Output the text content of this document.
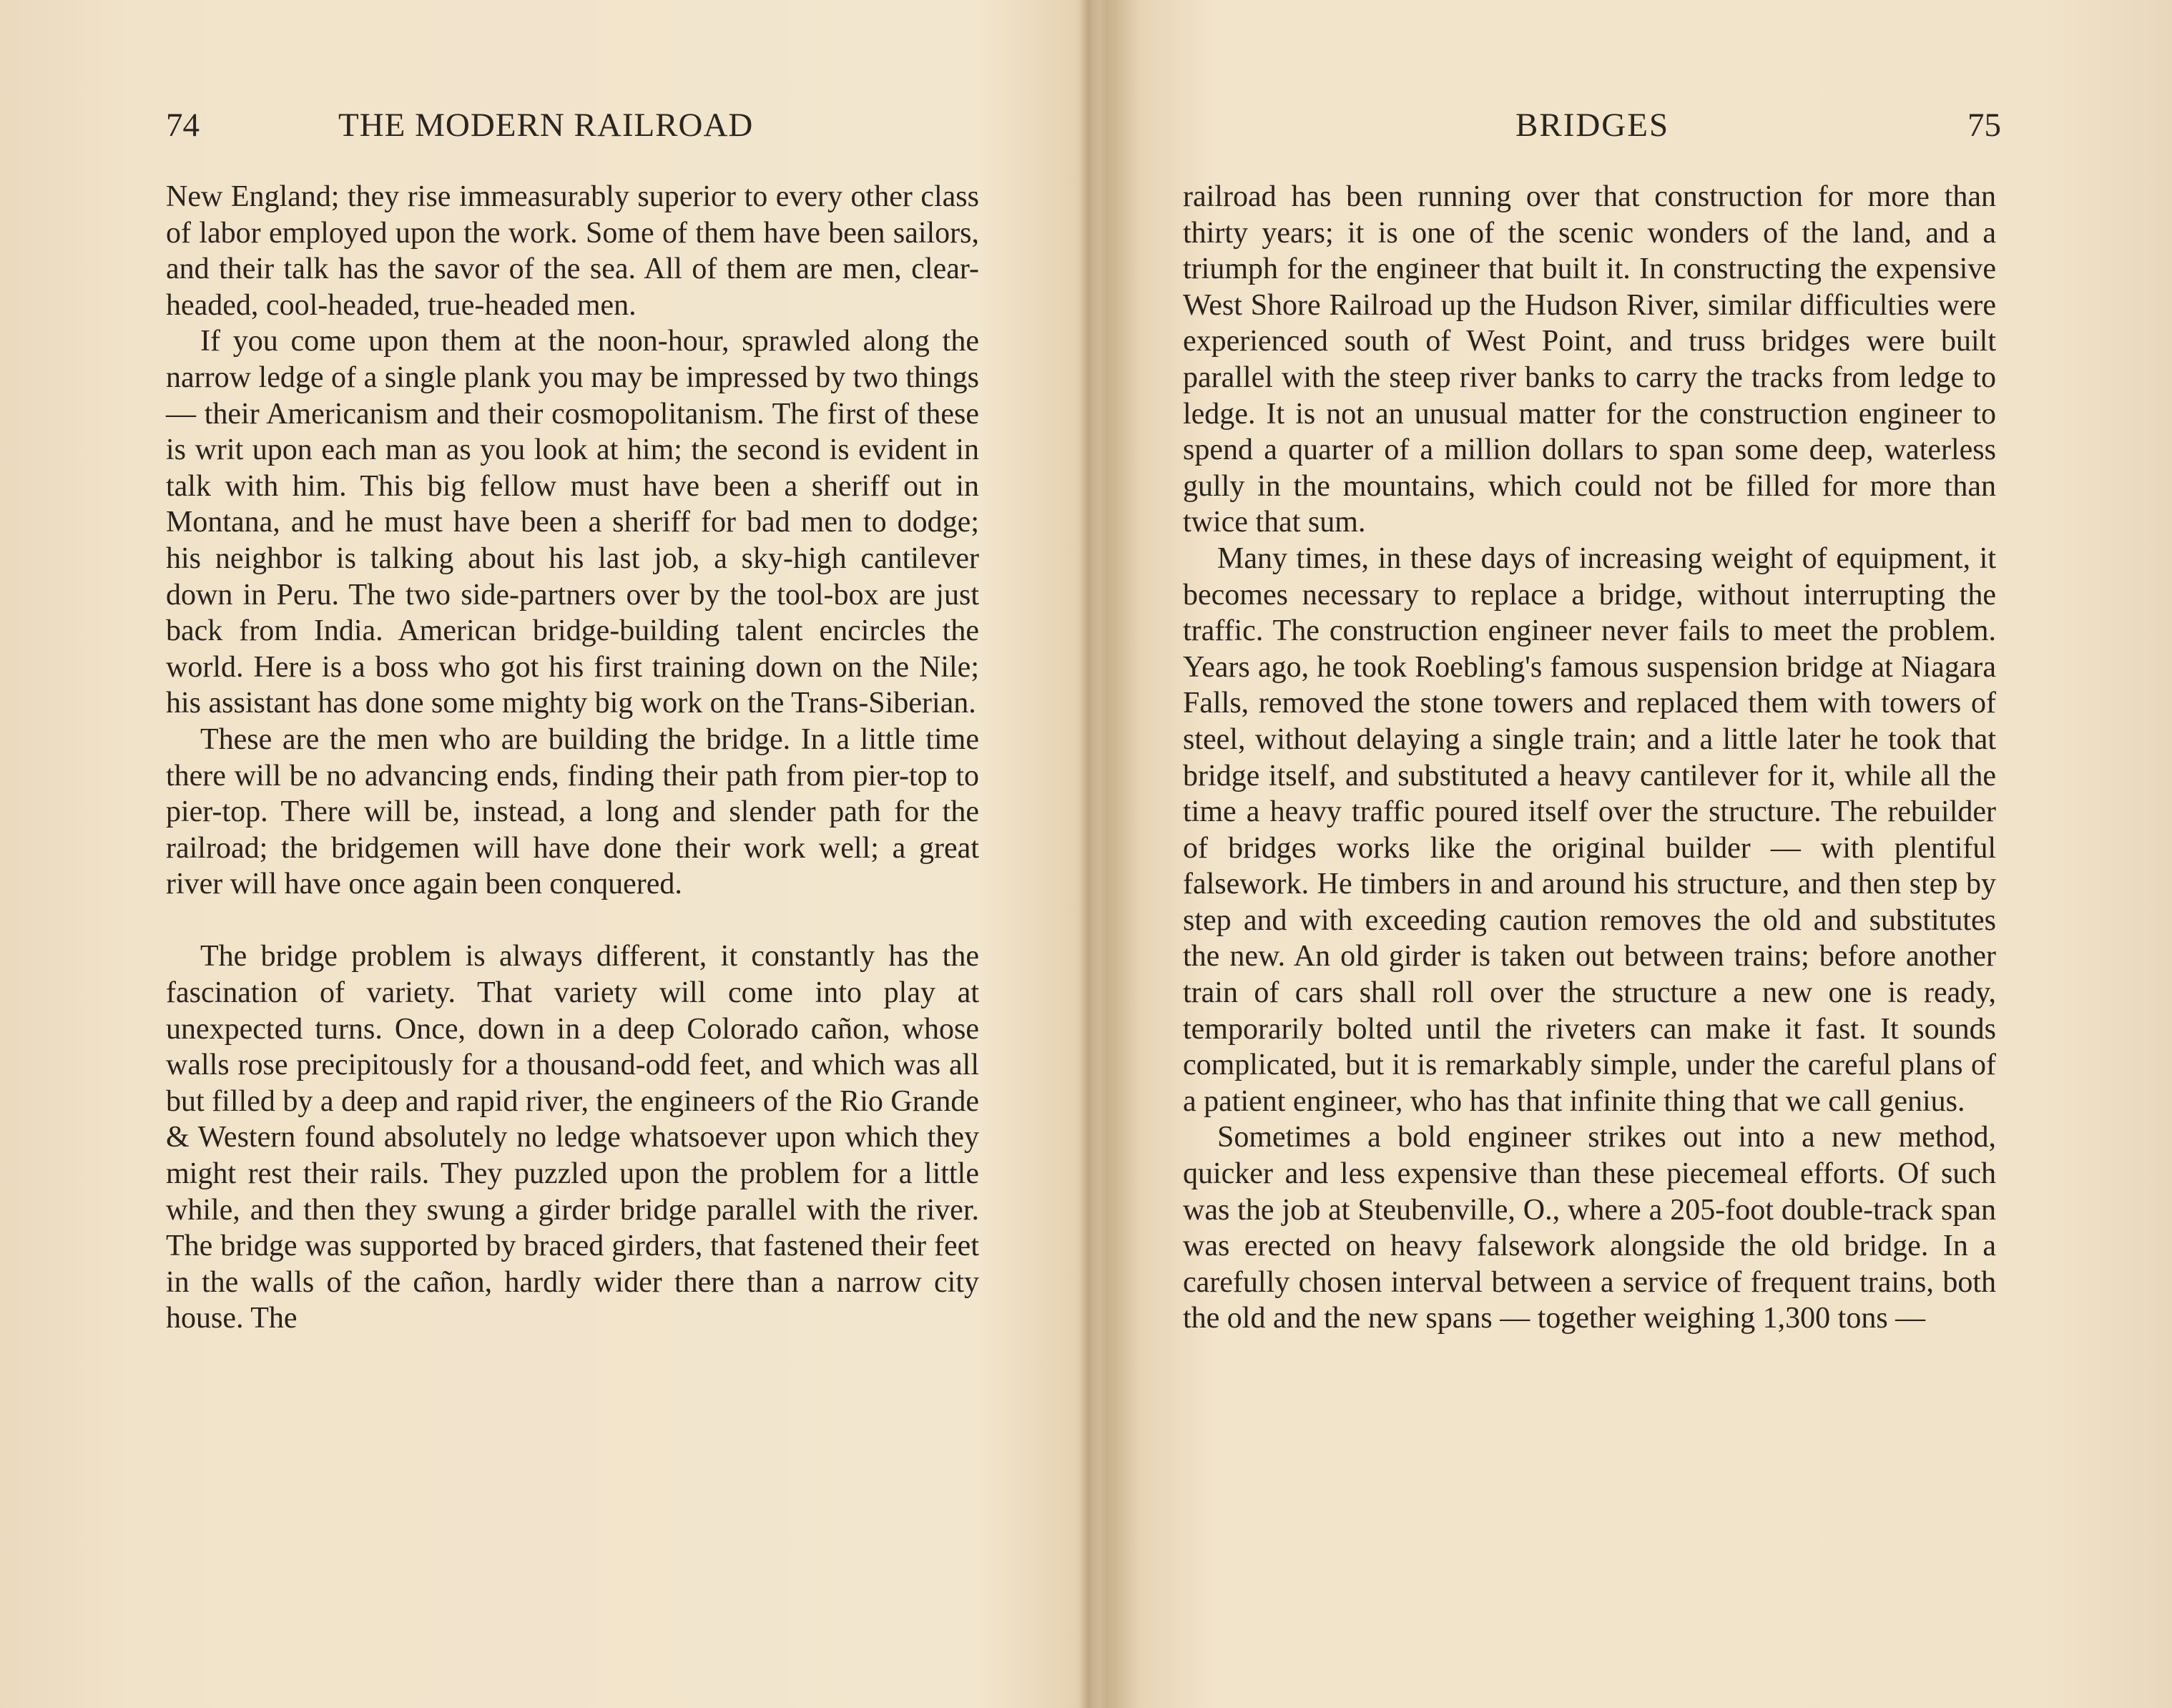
74	THE MODERN RAILROAD

New England; they rise immeasurably superior to every other class of labor employed upon the work. Some of them have been sailors, and their talk has the savor of the sea. All of them are men, clear-headed, cool-headed, true-headed men.

If you come upon them at the noon-hour, sprawled along the narrow ledge of a single plank you may be impressed by two things — their Americanism and their cosmopolitanism. The first of these is writ upon each man as you look at him; the second is evident in talk with him. This big fellow must have been a sheriff out in Montana, and he must have been a sheriff for bad men to dodge; his neighbor is talking about his last job, a sky-high cantilever down in Peru. The two side-partners over by the tool-box are just back from India. American bridge-building talent encircles the world. Here is a boss who got his first training down on the Nile; his assistant has done some mighty big work on the Trans-Siberian.

These are the men who are building the bridge. In a little time there will be no advancing ends, finding their path from pier-top to pier-top. There will be, instead, a long and slender path for the railroad; the bridgemen will have done their work well; a great river will have once again been conquered.

The bridge problem is always different, it constantly has the fascination of variety. That variety will come into play at unexpected turns. Once, down in a deep Colorado cañon, whose walls rose precipitously for a thousand-odd feet, and which was all but filled by a deep and rapid river, the engineers of the Rio Grande & Western found absolutely no ledge whatsoever upon which they might rest their rails. They puzzled upon the problem for a little while, and then they swung a girder bridge parallel with the river. The bridge was supported by braced girders, that fastened their feet in the walls of the cañon, hardly wider there than a narrow city house. The

BRIDGES	75

railroad has been running over that construction for more than thirty years; it is one of the scenic wonders of the land, and a triumph for the engineer that built it. In constructing the expensive West Shore Railroad up the Hudson River, similar difficulties were experienced south of West Point, and truss bridges were built parallel with the steep river banks to carry the tracks from ledge to ledge. It is not an unusual matter for the construction engineer to spend a quarter of a million dollars to span some deep, waterless gully in the mountains, which could not be filled for more than twice that sum.

Many times, in these days of increasing weight of equipment, it becomes necessary to replace a bridge, without interrupting the traffic. The construction engineer never fails to meet the problem. Years ago, he took Roebling's famous suspension bridge at Niagara Falls, removed the stone towers and replaced them with towers of steel, without delaying a single train; and a little later he took that bridge itself, and substituted a heavy cantilever for it, while all the time a heavy traffic poured itself over the structure. The rebuilder of bridges works like the original builder — with plentiful falsework. He timbers in and around his structure, and then step by step and with exceeding caution removes the old and substitutes the new. An old girder is taken out between trains; before another train of cars shall roll over the structure a new one is ready, temporarily bolted until the riveters can make it fast. It sounds complicated, but it is remarkably simple, under the careful plans of a patient engineer, who has that infinite thing that we call genius.

Sometimes a bold engineer strikes out into a new method, quicker and less expensive than these piecemeal efforts. Of such was the job at Steubenville, O., where a 205-foot double-track span was erected on heavy falsework alongside the old bridge. In a carefully chosen interval between a service of frequent trains, both the old and the new spans — together weighing 1,300 tons —
